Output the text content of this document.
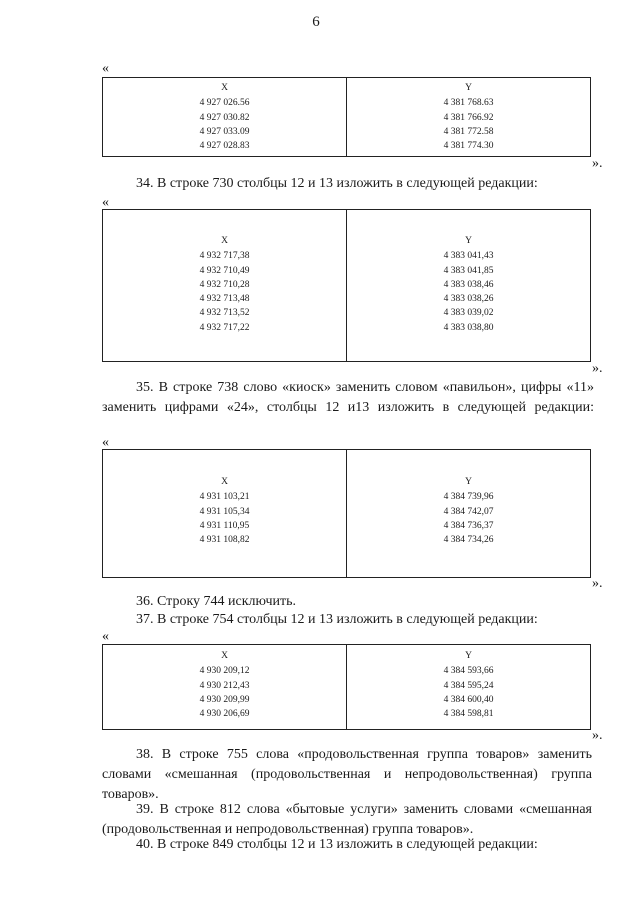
6
«
X
4 927 026.56
4 927 030.82
4 927 033.09
4 927 028.83
Y
4 381 768.63
4 381 766.92
4 381 772.58
4 381 774.30
».
34. В строке 730 столбцы 12 и 13 изложить в следующей редакции:
«
X
4 932 717,38
4 932 710,49
4 932 710,28
4 932 713,48
4 932 713,52
4 932 717,22
Y
4 383 041,43
4 383 041,85
4 383 038,46
4 383 038,26
4 383 039,02
4 383 038,80
».
35. В строке 738 слово «киоск» заменить словом «павильон», цифры «11» заменить цифрами «24», столбцы 12 и13 изложить в следующей редакции:
«
X
4 931 103,21
4 931 105,34
4 931 110,95
4 931 108,82
Y
4 384 739,96
4 384 742,07
4 384 736,37
4 384 734,26
».
36. Строку 744 исключить.
37. В строке 754 столбцы 12 и 13 изложить в следующей редакции:
«
X
4 930 209,12
4 930 212,43
4 930 209,99
4 930 206,69
Y
4 384 593,66
4 384 595,24
4 384 600,40
4 384 598,81
».
38. В строке 755 слова «продовольственная группа товаров» заменить словами «смешанная (продовольственная и непродовольственная) группа товаров».
39. В строке 812 слова «бытовые услуги» заменить словами «смешанная (продовольственная и непродовольственная) группа товаров».
40. В строке 849 столбцы 12 и 13 изложить в следующей редакции:
